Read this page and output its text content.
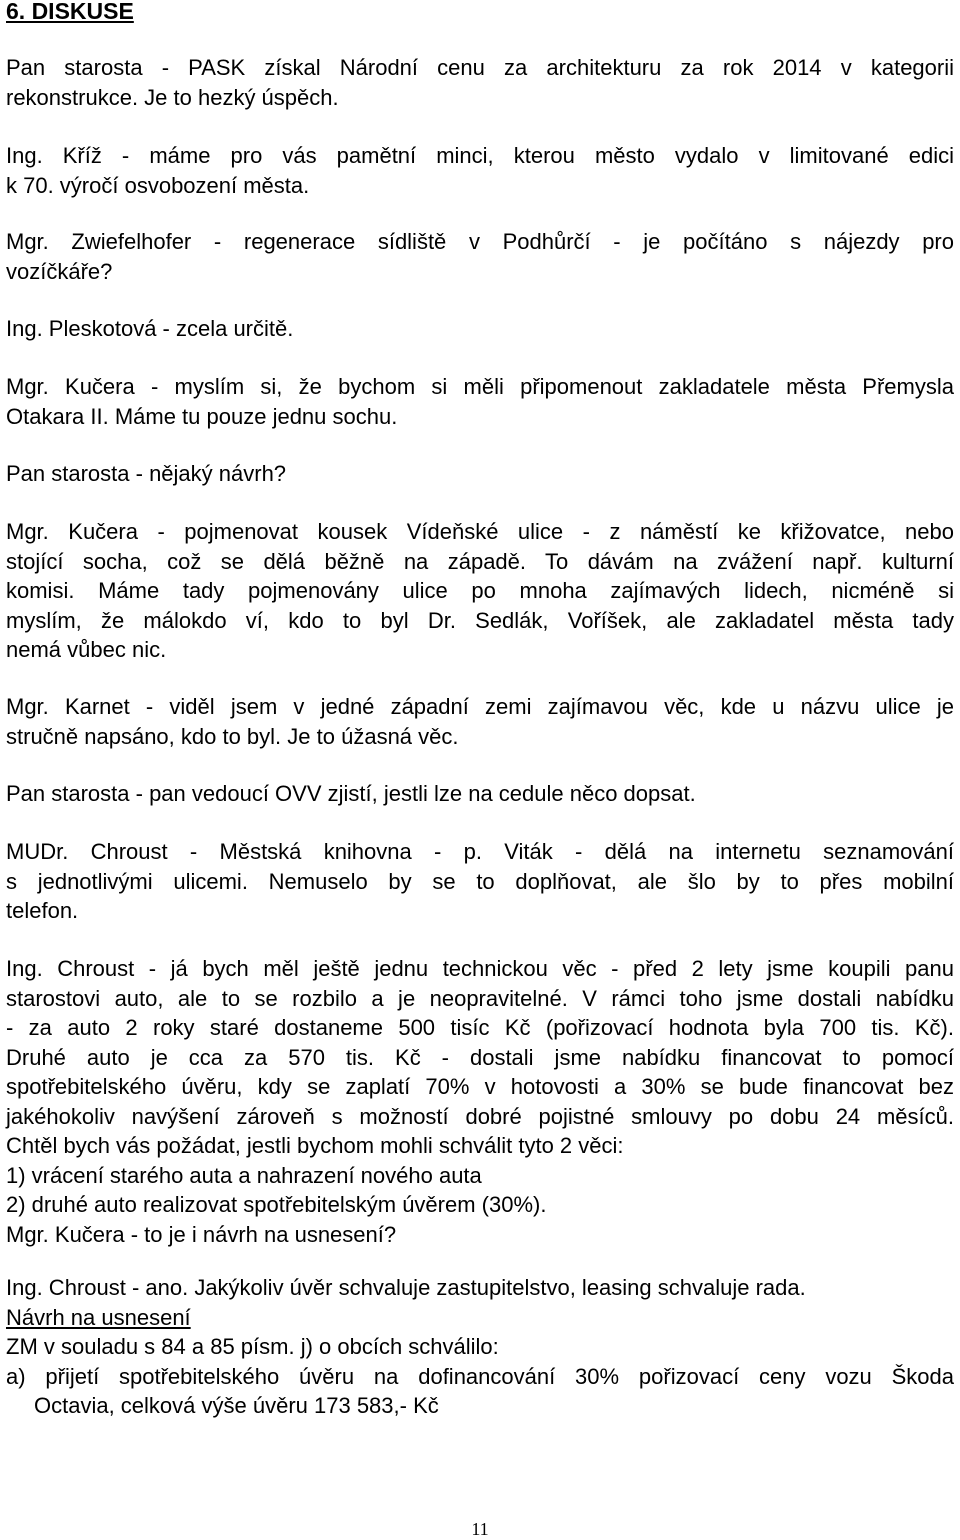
6. DISKUSE
Pan starosta - PASK získal Národní cenu za architekturu za rok 2014 v kategorii
rekonstrukce. Je to hezký úspěch.
Ing. Kříž - máme pro vás pamětní minci, kterou město vydalo v limitované edici
k 70. výročí osvobození města.
Mgr. Zwiefelhofer - regenerace sídliště v Podhůrčí - je počítáno s nájezdy pro
vozíčkáře?
Ing. Pleskotová - zcela určitě.
Mgr. Kučera - myslím si, že bychom si měli připomenout zakladatele města Přemysla
Otakara II. Máme tu pouze jednu sochu.
Pan starosta - nějaký návrh?
Mgr. Kučera - pojmenovat kousek Vídeňské ulice - z náměstí ke křižovatce, nebo
stojící socha, což se dělá běžně na západě. To dávám na zvážení např. kulturní
komisi. Máme tady pojmenovány ulice po mnoha zajímavých lidech, nicméně si
myslím, že málokdo ví, kdo to byl Dr. Sedlák, Voříšek, ale zakladatel města tady
nemá vůbec nic.
Mgr. Karnet - viděl jsem v jedné západní zemi zajímavou věc, kde u názvu ulice je
stručně napsáno, kdo to byl. Je to úžasná věc.
Pan starosta - pan vedoucí OVV zjistí, jestli lze na cedule něco dopsat.
MUDr. Chroust - Městská knihovna - p. Viták - dělá na internetu seznamování
s jednotlivými ulicemi. Nemuselo by se to doplňovat, ale šlo by to přes mobilní
telefon.
Ing. Chroust - já bych měl ještě jednu technickou věc - před 2 lety jsme koupili panu
starostovi auto, ale to se rozbilo a je neopravitelné. V rámci toho jsme dostali nabídku
- za auto 2 roky staré dostaneme 500 tisíc Kč (pořizovací hodnota byla 700 tis. Kč).
Druhé auto je cca za 570 tis. Kč - dostali jsme nabídku financovat to pomocí
spotřebitelského úvěru, kdy se zaplatí 70% v hotovosti a 30% se bude financovat bez
jakéhokoliv navýšení zároveň s možností dobré pojistné smlouvy po dobu 24 měsíců.
Chtěl bych vás požádat, jestli bychom mohli schválit tyto 2 věci:
1) vrácení starého auta a nahrazení nového auta
2) druhé auto realizovat spotřebitelským úvěrem (30%).
Mgr. Kučera - to je i návrh na usnesení?
Ing. Chroust - ano. Jakýkoliv úvěr schvaluje zastupitelstvo, leasing schvaluje rada.
Návrh na usnesení
ZM v souladu s 84 a 85 písm. j) o obcích schválilo:
a) přijetí spotřebitelského úvěru na dofinancování 30% pořizovací ceny vozu Škoda
Octavia, celková výše úvěru 173 583,- Kč
11
